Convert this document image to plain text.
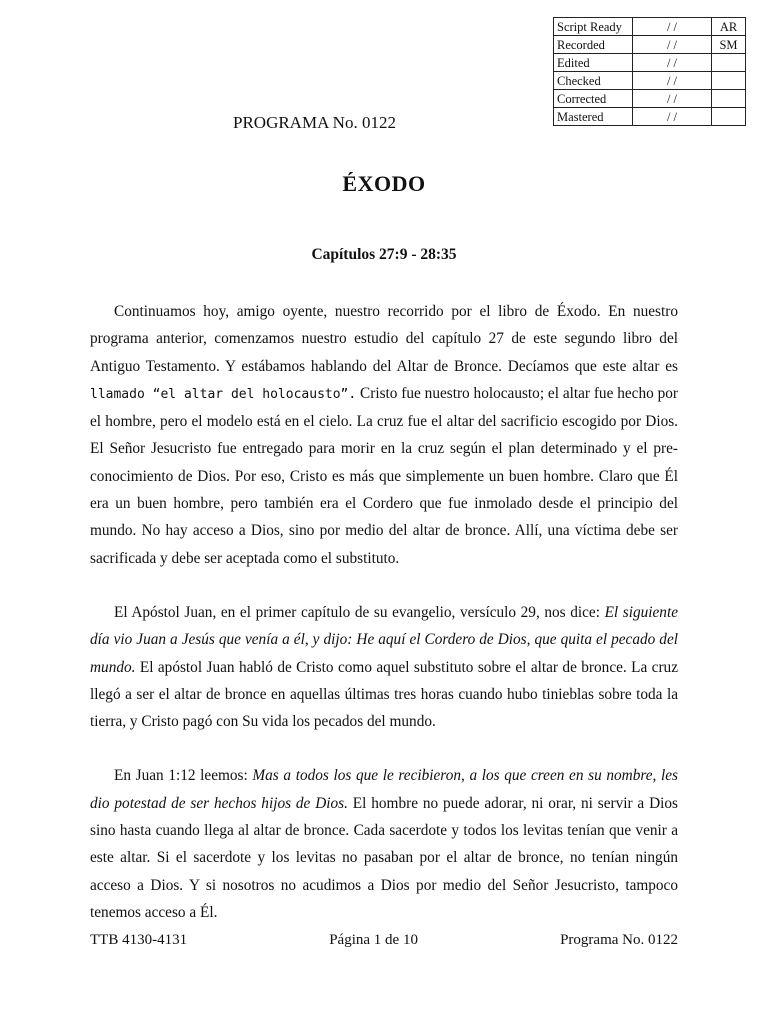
Script Ready	/ /	AR
Recorded	/ /	SM
Edited	/ /	
Checked	/ /	
Corrected	/ /	
Mastered	/ /	
PROGRAMA No. 0122
ÉXODO
Capítulos 27:9 - 28:35

Continuamos hoy, amigo oyente, nuestro recorrido por el libro de Éxodo. En nuestro programa anterior, comenzamos nuestro estudio del capítulo 27 de este segundo libro del Antiguo Testamento. Y estábamos hablando del Altar de Bronce. Decíamos que este altar es llamado “el altar del holocausto”. Cristo fue nuestro holocausto; el altar fue hecho por el hombre, pero el modelo está en el cielo. La cruz fue el altar del sacrificio escogido por Dios. El Señor Jesucristo fue entregado para morir en la cruz según el plan determinado y el pre-conocimiento de Dios. Por eso, Cristo es más que simplemente un buen hombre. Claro que Él era un buen hombre, pero también era el Cordero que fue inmolado desde el principio del mundo. No hay acceso a Dios, sino por medio del altar de bronce. Allí, una víctima debe ser sacrificada y debe ser aceptada como el substituto.

El Apóstol Juan, en el primer capítulo de su evangelio, versículo 29, nos dice: El siguiente día vio Juan a Jesús que venía a él, y dijo: He aquí el Cordero de Dios, que quita el pecado del mundo. El apóstol Juan habló de Cristo como aquel substituto sobre el altar de bronce. La cruz llegó a ser el altar de bronce en aquellas últimas tres horas cuando hubo tinieblas sobre toda la tierra, y Cristo pagó con Su vida los pecados del mundo.

En Juan 1:12 leemos: Mas a todos los que le recibieron, a los que creen en su nombre, les dio potestad de ser hechos hijos de Dios. El hombre no puede adorar, ni orar, ni servir a Dios sino hasta cuando llega al altar de bronce. Cada sacerdote y todos los levitas tenían que venir a este altar. Si el sacerdote y los levitas no pasaban por el altar de bronce, no tenían ningún acceso a Dios. Y si nosotros no acudimos a Dios por medio del Señor Jesucristo, tampoco tenemos acceso a Él.

TTB 4130-4131	Página 1 de 10	Programa No. 0122
